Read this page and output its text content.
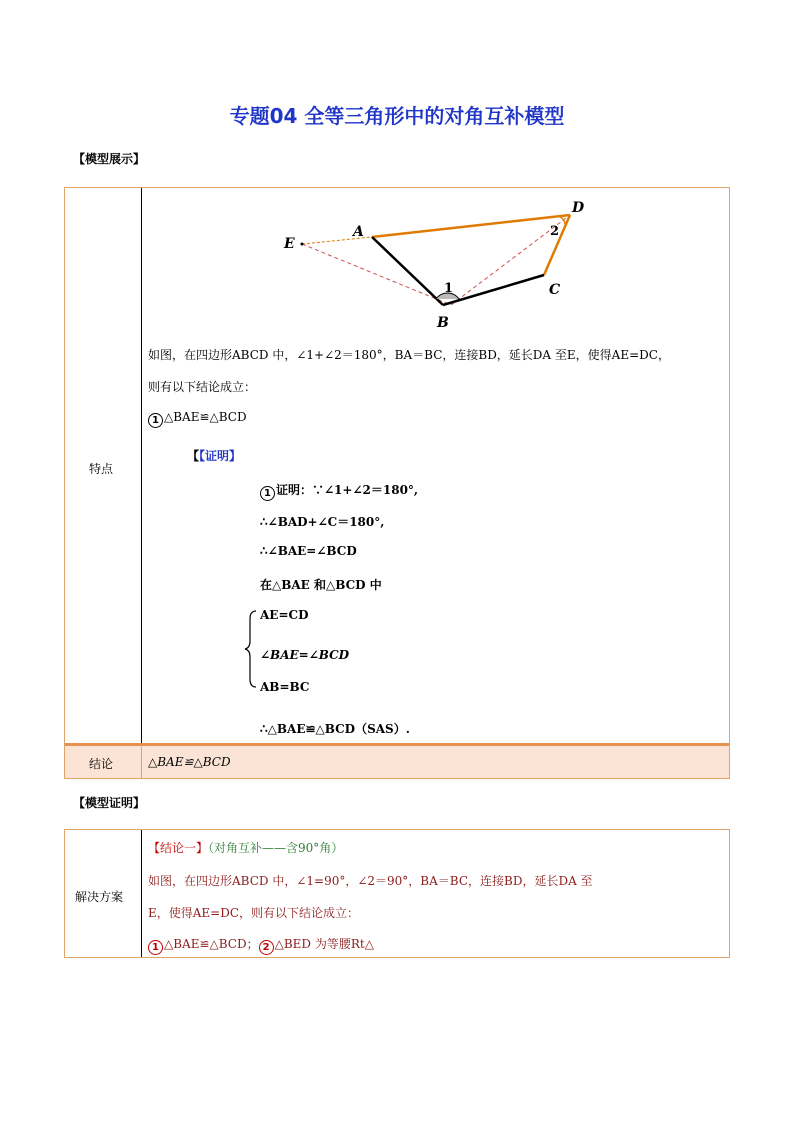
专题04 全等三角形中的对角互补模型
【模型展示】
特点
结论
E
A
D
C
B
1
2
如图，在四边形ABCD 中，∠1+∠2＝180°，BA＝BC，连接BD，延长DA 至E，使得AE=DC，
则有以下结论成立：
1 △BAE≌△BCD
【【证明】
1 证明：∵∠1+∠2＝180°,
∴∠BAD+∠C＝180°,
∴∠BAE=∠BCD
在△BAE 和△BCD 中
AE=CD
∠BAE=∠BCD
AB=BC
∴△BAE≌△BCD（SAS）.
△BAE≌△BCD
【模型证明】
解决方案
【结论一】（对角互补——含90°角）
如图，在四边形ABCD 中，∠1=90°，∠2＝90°，BA＝BC，连接BD，延长DA 至
E，使得AE=DC，则有以下结论成立：
1 △BAE≌△BCD； 2 △BED 为等腰Rt△
